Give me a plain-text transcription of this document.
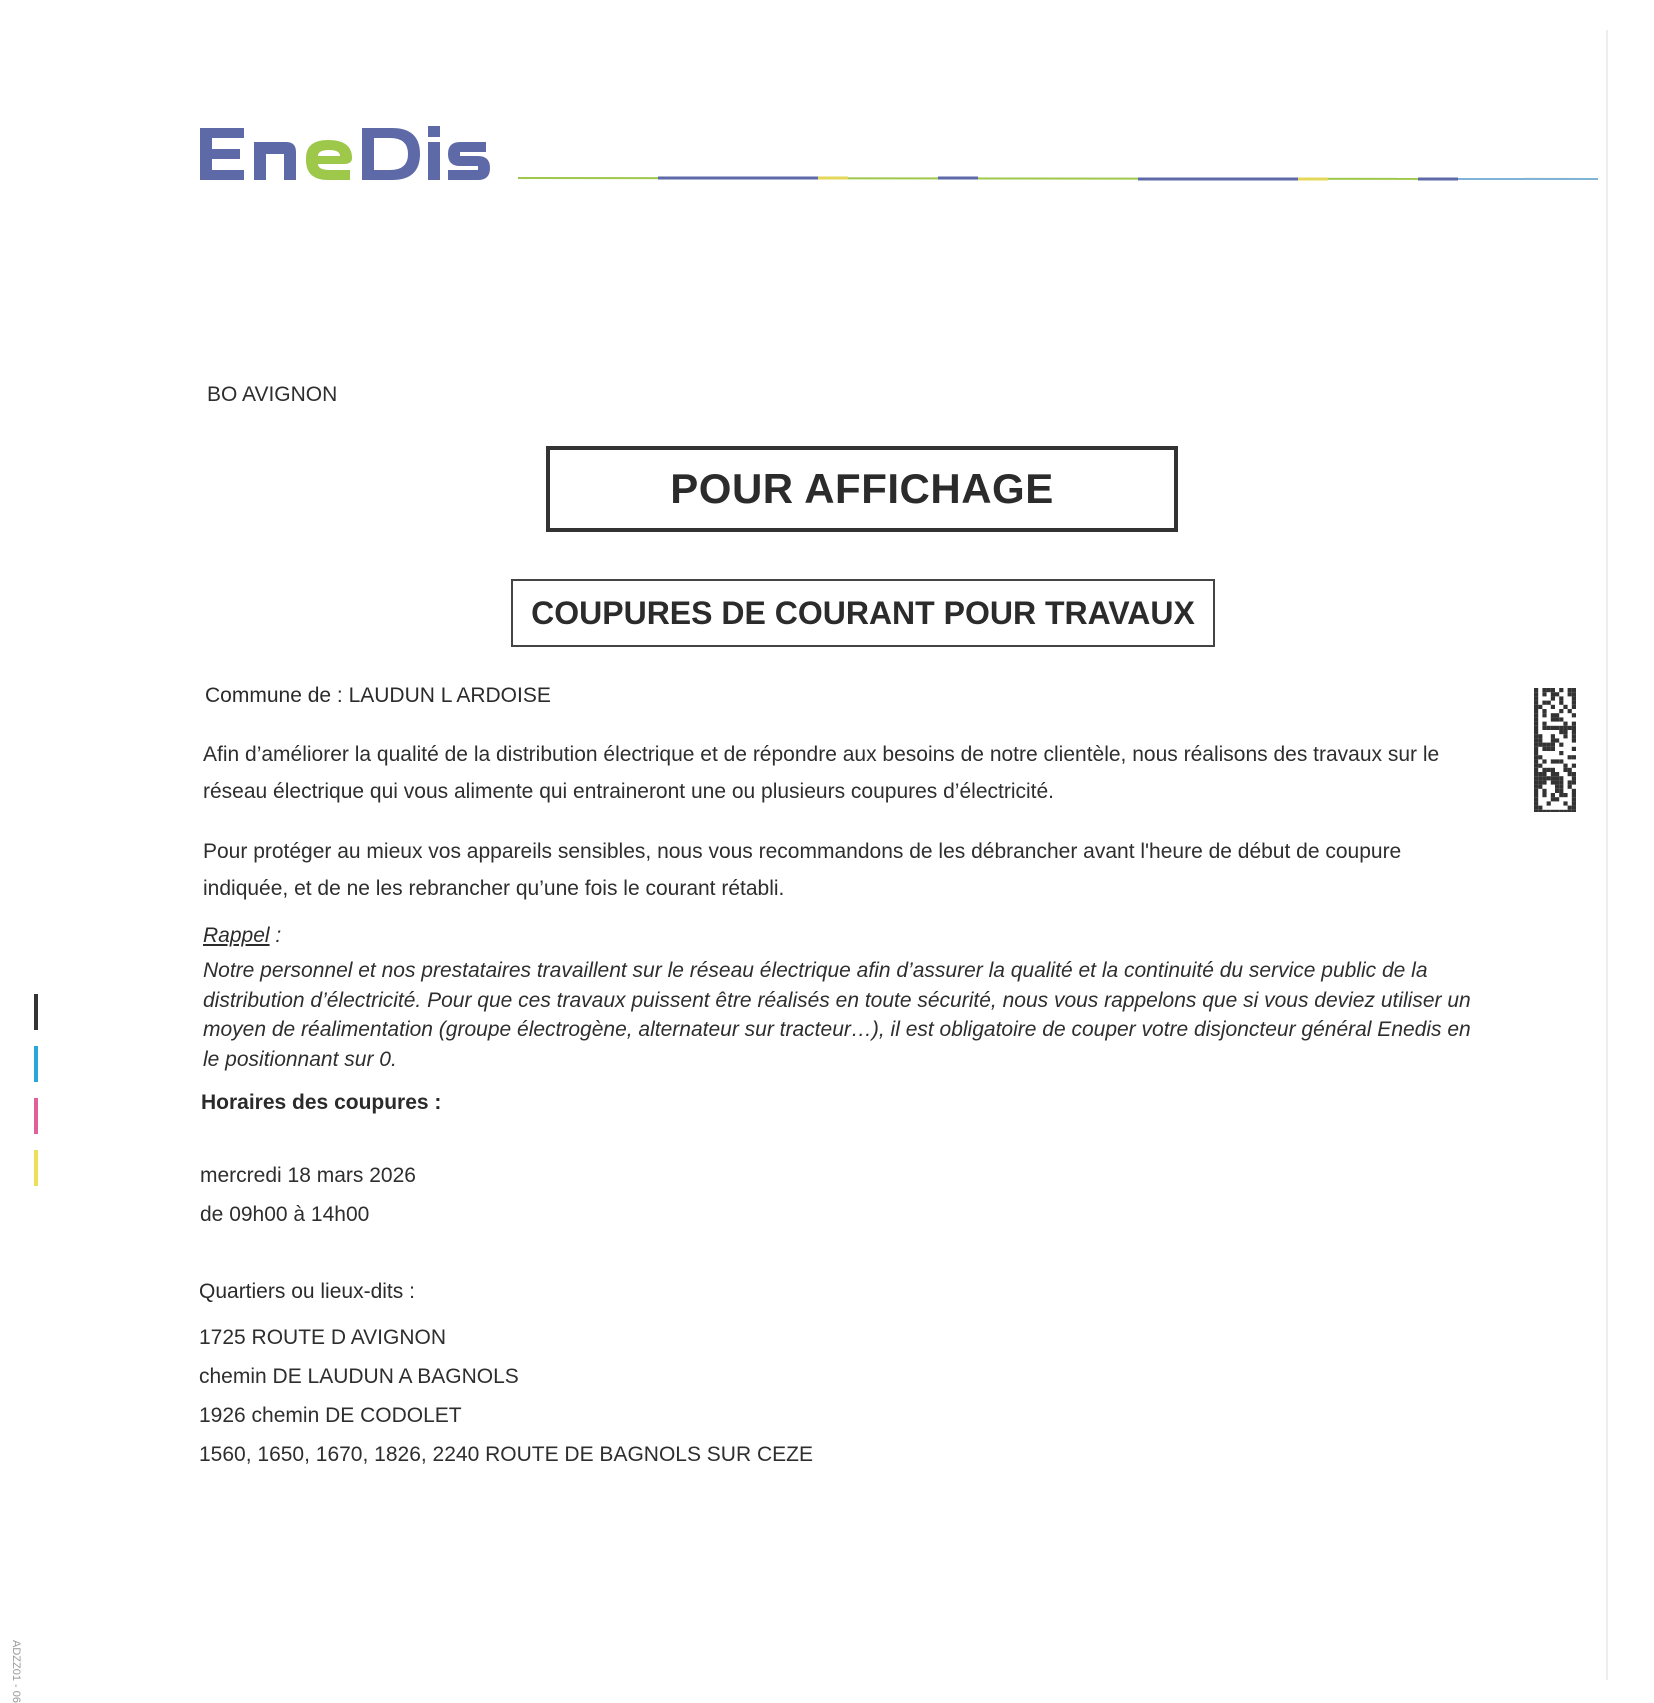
BO AVIGNON
POUR AFFICHAGE
COUPURES DE COURANT POUR TRAVAUX
Commune de : LAUDUN L ARDOISE
Afin d’améliorer la qualité de la distribution électrique et de répondre aux besoins de notre clientèle, nous réalisons des travaux sur le réseau électrique qui vous alimente qui entraineront une ou plusieurs coupures d’électricité.
Pour protéger au mieux vos appareils sensibles, nous vous recommandons de les débrancher avant l'heure de début de coupure indiquée, et de ne les rebrancher qu’une fois le courant rétabli.
Rappel :
Notre personnel et nos prestataires travaillent sur le réseau électrique afin d’assurer la qualité et la continuité du service public de la distribution d’électricité. Pour que ces travaux puissent être réalisés en toute sécurité, nous vous rappelons que si vous deviez utiliser un moyen de réalimentation (groupe électrogène, alternateur sur tracteur…), il est obligatoire de couper votre disjoncteur général Enedis en le positionnant sur 0.
Horaires des coupures :
mercredi 18 mars 2026
de 09h00 à 14h00
Quartiers ou lieux-dits :
1725 ROUTE D AVIGNON
chemin DE LAUDUN A BAGNOLS
1926 chemin DE CODOLET
1560, 1650, 1670, 1826, 2240 ROUTE DE BAGNOLS SUR CEZE
ADZZ01 - 06
